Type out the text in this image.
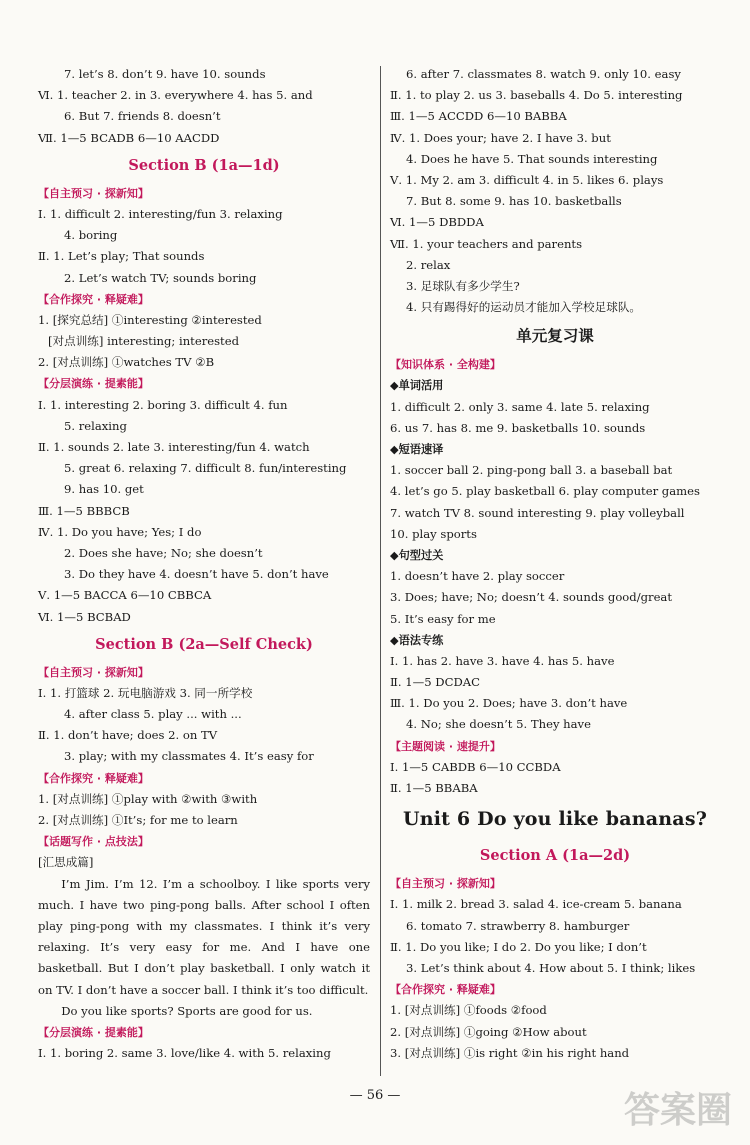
7. let’s 8. don’t 9. have 10. sounds
Ⅵ. 1. teacher 2. in 3. everywhere 4. has 5. and
6. But 7. friends 8. doesn’t
Ⅶ. 1—5 BCADB 6—10 AACDD
Section B (1a—1d)
【自主预习 · 探新知】
Ⅰ. 1. difficult 2. interesting/fun 3. relaxing
4. boring
Ⅱ. 1. Let’s play; That sounds
2. Let’s watch TV; sounds boring
【合作探究 · 释疑难】
1. [探究总结] ①interesting ②interested
[对点训练] interesting; interested
2. [对点训练] ①watches TV ②B
【分层演练 · 提素能】
Ⅰ. 1. interesting 2. boring 3. difficult 4. fun
5. relaxing
Ⅱ. 1. sounds 2. late 3. interesting/fun 4. watch
5. great 6. relaxing 7. difficult 8. fun/interesting
9. has 10. get
Ⅲ. 1—5 BBBCB
Ⅳ. 1. Do you have; Yes; I do
2. Does she have; No; she doesn’t
3. Do they have 4. doesn’t have 5. don’t have
Ⅴ. 1—5 BACCA 6—10 CBBCA
Ⅵ. 1—5 BCBAD
Section B (2a—Self Check)
【自主预习 · 探新知】
Ⅰ. 1. 打篮球 2. 玩电脑游戏 3. 同一所学校
4. after class 5. play ... with ...
Ⅱ. 1. don’t have; does 2. on TV
3. play; with my classmates 4. It’s easy for
【合作探究 · 释疑难】
1. [对点训练] ①play with ②with ③with
2. [对点训练] ①It’s; for me to learn
【话题写作 · 点技法】
[汇思成篇]
I’m Jim. I’m 12. I’m a schoolboy. I like sports very much. I have two ping-pong balls. After school I often play ping-pong with my classmates. I think it’s very relaxing. It’s very easy for me. And I have one basketball. But I don’t play basketball. I only watch it on TV. I don’t have a soccer ball. I think it’s too difficult.
Do you like sports? Sports are good for us.
【分层演练 · 提素能】
Ⅰ. 1. boring 2. same 3. love/like 4. with 5. relaxing
6. after 7. classmates 8. watch 9. only 10. easy
Ⅱ. 1. to play 2. us 3. baseballs 4. Do 5. interesting
Ⅲ. 1—5 ACCDD 6—10 BABBA
Ⅳ. 1. Does your; have 2. I have 3. but
4. Does he have 5. That sounds interesting
Ⅴ. 1. My 2. am 3. difficult 4. in 5. likes 6. plays
7. But 8. some 9. has 10. basketballs
Ⅵ. 1—5 DBDDA
Ⅶ. 1. your teachers and parents
2. relax
3. 足球队有多少学生?
4. 只有踢得好的运动员才能加入学校足球队。
单元复习课
【知识体系 · 全构建】
◆单词活用
1. difficult 2. only 3. same 4. late 5. relaxing
6. us 7. has 8. me 9. basketballs 10. sounds
◆短语速译
1. soccer ball 2. ping-pong ball 3. a baseball bat
4. let’s go 5. play basketball 6. play computer games
7. watch TV 8. sound interesting 9. play volleyball
10. play sports
◆句型过关
1. doesn’t have 2. play soccer
3. Does; have; No; doesn’t 4. sounds good/great
5. It’s easy for me
◆语法专练
Ⅰ. 1. has 2. have 3. have 4. has 5. have
Ⅱ. 1—5 DCDAC
Ⅲ. 1. Do you 2. Does; have 3. don’t have
4. No; she doesn’t 5. They have
【主题阅读 · 速提升】
Ⅰ. 1—5 CABDB 6—10 CCBDA
Ⅱ. 1—5 BBABA
Unit 6 Do you like bananas?
Section A (1a—2d)
【自主预习 · 探新知】
Ⅰ. 1. milk 2. bread 3. salad 4. ice-cream 5. banana
6. tomato 7. strawberry 8. hamburger
Ⅱ. 1. Do you like; I do 2. Do you like; I don’t
3. Let’s think about 4. How about 5. I think; likes
【合作探究 · 释疑难】
1. [对点训练] ①foods ②food
2. [对点训练] ①going ②How about
3. [对点训练] ①is right ②in his right hand
— 56 —	答案圈
